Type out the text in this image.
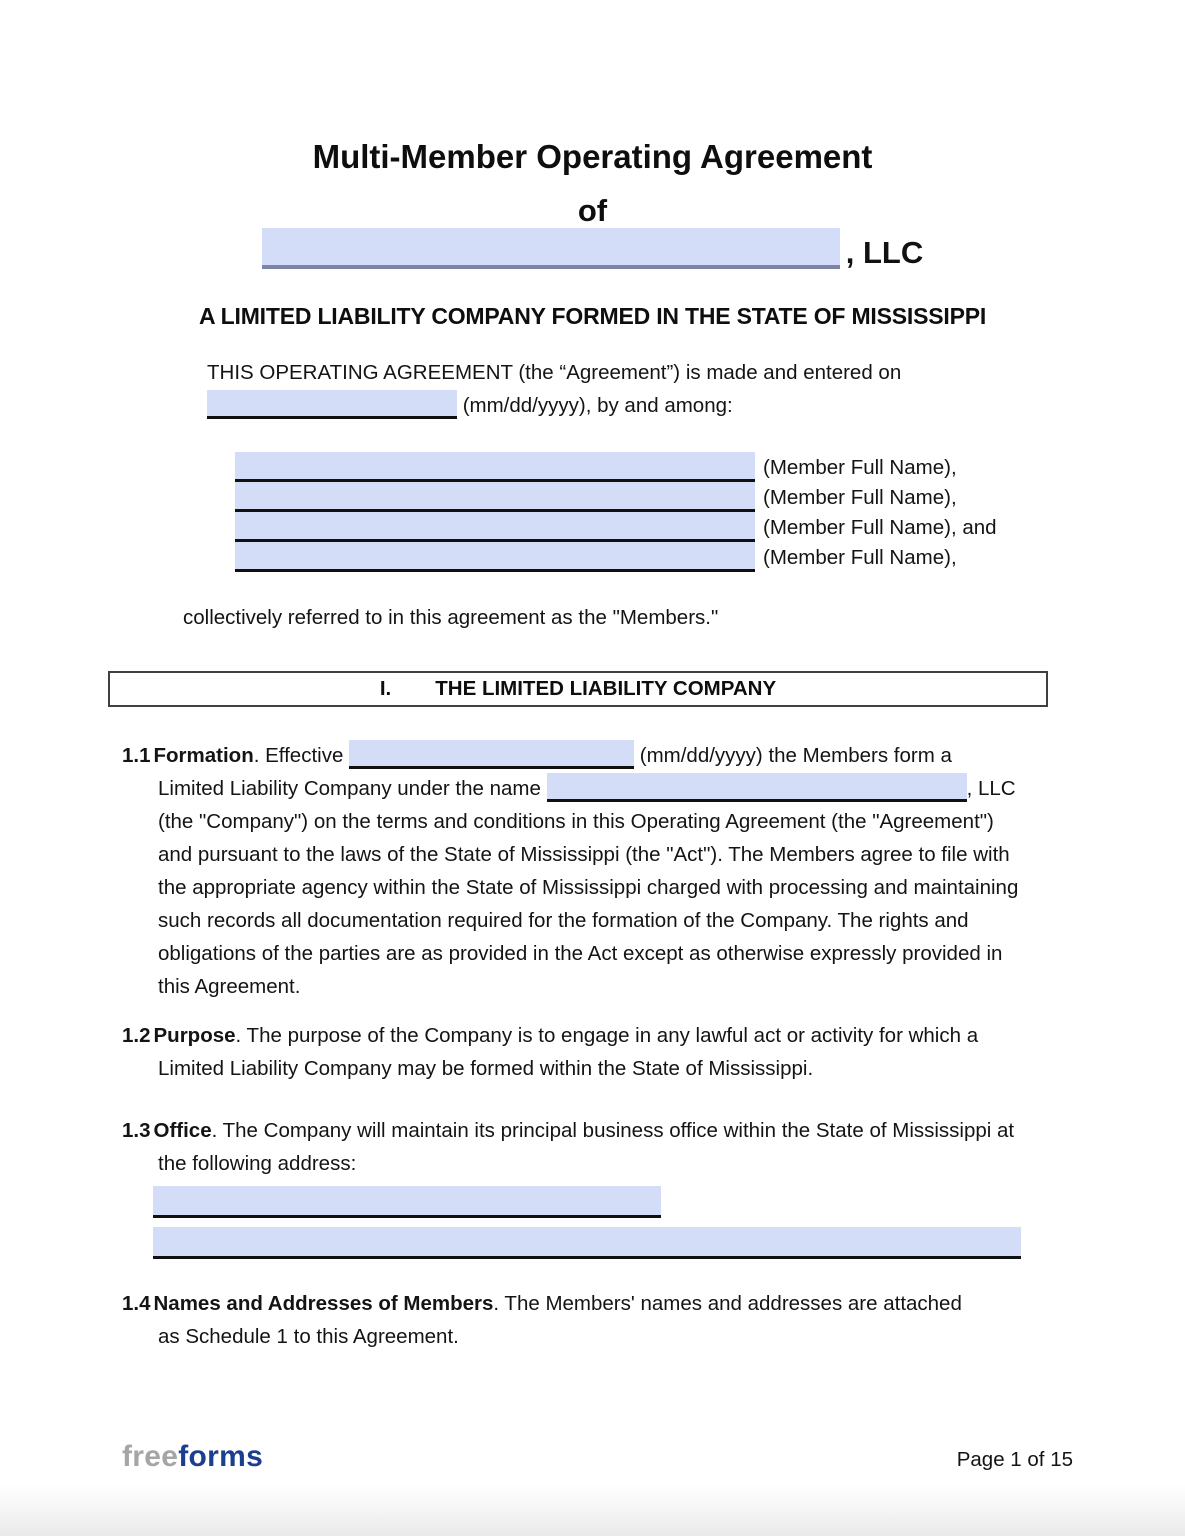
Multi-Member Operating Agreement
of
, LLC
A LIMITED LIABILITY COMPANY FORMED IN THE STATE OF MISSISSIPPI
THIS OPERATING AGREEMENT (the “Agreement”) is made and entered on
(mm/dd/yyyy), by and among:
(Member Full Name),
(Member Full Name),
(Member Full Name), and
(Member Full Name),
collectively referred to in this agreement as the "Members."
I. THE LIMITED LIABILITY COMPANY
1.1 Formation. Effective	(mm/dd/yyyy) the Members form a Limited Liability Company under the name	, LLC (the "Company") on the terms and conditions in this Operating Agreement (the "Agreement") and pursuant to the laws of the State of Mississippi (the "Act"). The Members agree to file with the appropriate agency within the State of Mississippi charged with processing and maintaining such records all documentation required for the formation of the Company. The rights and obligations of the parties are as provided in the Act except as otherwise expressly provided in this Agreement.
1.2 Purpose. The purpose of the Company is to engage in any lawful act or activity for which a Limited Liability Company may be formed within the State of Mississippi.
1.3 Office. The Company will maintain its principal business office within the State of Mississippi at the following address:
1.4 Names and Addresses of Members. The Members' names and addresses are attached as Schedule 1 to this Agreement.
freeforms	Page 1 of 15
